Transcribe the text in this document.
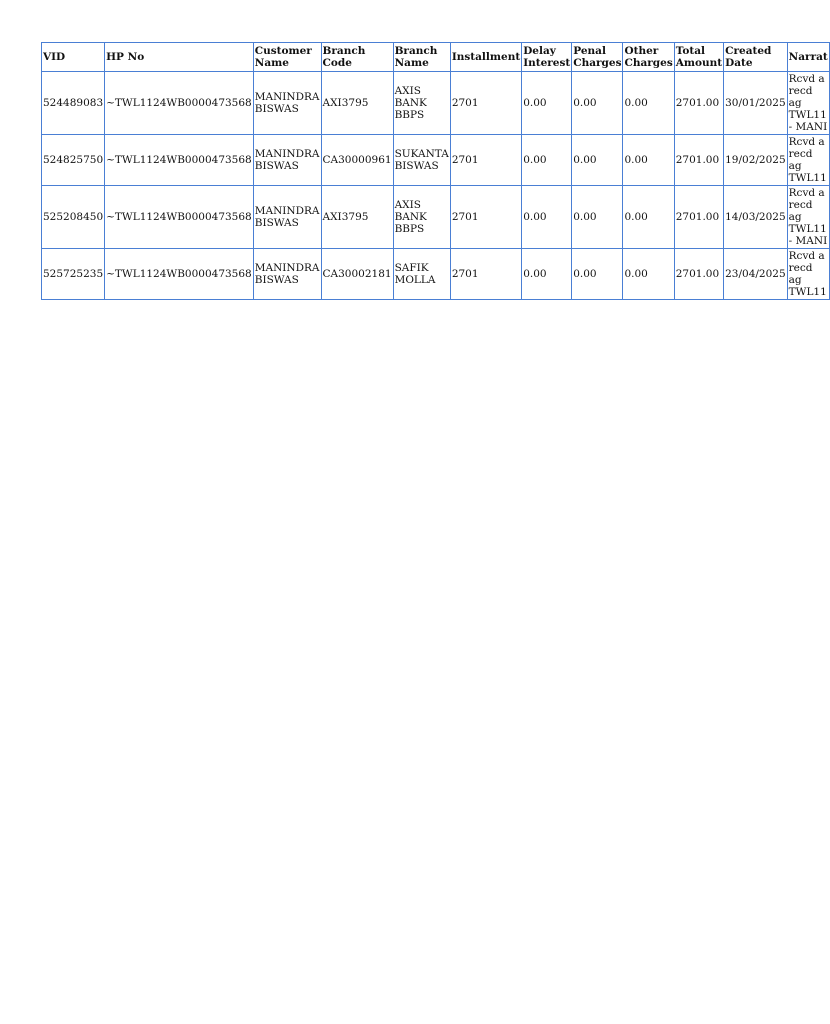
VID	HP No	Customer Name	Branch Code	Branch Name	Installment	Delay Interest	Penal Charges	Other Charges	Total Amount	Created Date	Narrat
524489083	~TWL1124WB0000473568	MANINDRA BISWAS	AXI3795	AXIS BANK BBPS	2701	0.00	0.00	0.00	2701.00	30/01/2025	Rcvd a
recd ag
TWL11
- MANI

524825750	~TWL1124WB0000473568	MANINDRA BISWAS	CA30000961	SUKANTA BISWAS	2701	0.00	0.00	0.00	2701.00	19/02/2025	Rcvd a
recd ag
TWL11

525208450	~TWL1124WB0000473568	MANINDRA BISWAS	AXI3795	AXIS BANK BBPS	2701	0.00	0.00	0.00	2701.00	14/03/2025	Rcvd a
recd ag
TWL11
- MANI

525725235	~TWL1124WB0000473568	MANINDRA BISWAS	CA30002181	SAFIK MOLLA	2701	0.00	0.00	0.00	2701.00	23/04/2025	Rcvd a
recd ag
TWL11
